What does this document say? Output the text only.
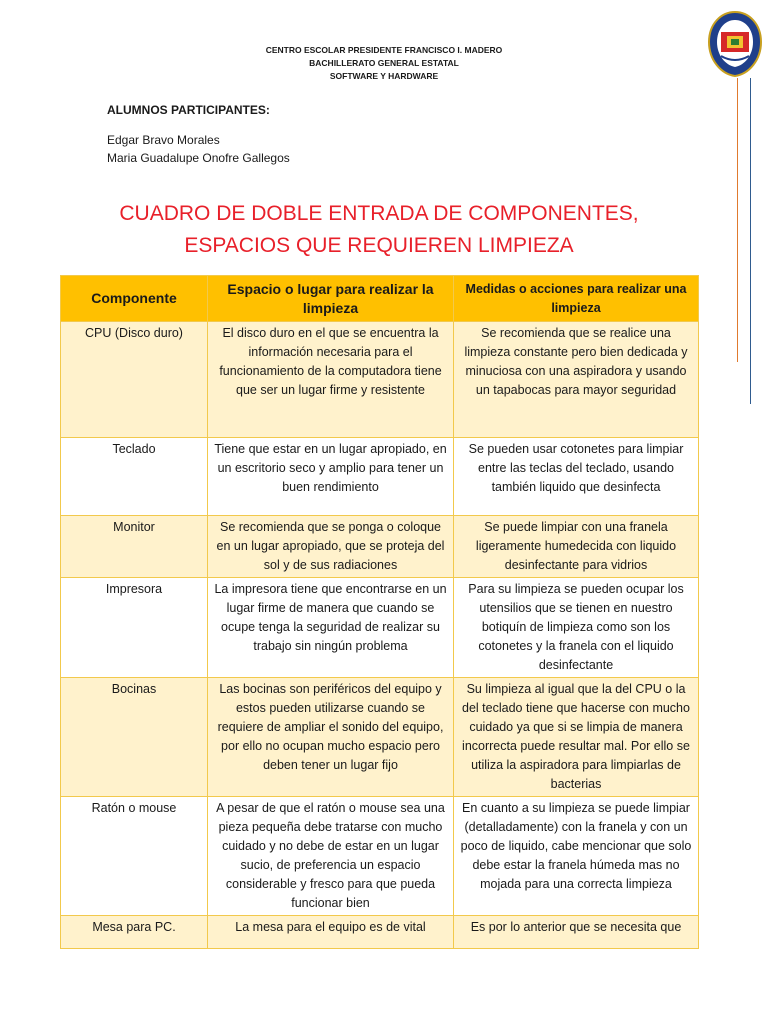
CENTRO ESCOLAR PRESIDENTE FRANCISCO I. MADERO
BACHILLERATO GENERAL ESTATAL
SOFTWARE Y HARDWARE
ALUMNOS PARTICIPANTES:
Edgar Bravo Morales
Maria Guadalupe Onofre Gallegos
CUADRO DE DOBLE ENTRADA DE COMPONENTES,
ESPACIOS QUE REQUIEREN LIMPIEZA
Componente	Espacio o lugar para realizar la limpieza	Medidas o acciones para realizar una limpieza
CPU (Disco duro)	El disco duro en el que se encuentra la información necesaria para el funcionamiento de la computadora tiene que ser un lugar firme y resistente	Se recomienda que se realice una limpieza constante pero bien dedicada y minuciosa con una aspiradora y usando un tapabocas para mayor seguridad
Teclado	Tiene que estar en un lugar apropiado, en un escritorio seco y amplio para tener un buen rendimiento	Se pueden usar cotonetes para limpiar entre las teclas del teclado, usando también liquido que desinfecta
Monitor	Se recomienda que se ponga o coloque en un lugar apropiado, que se proteja del sol y de sus radiaciones	Se puede limpiar con una franela ligeramente humedecida con liquido desinfectante para vidrios
Impresora	La impresora tiene que encontrarse en un lugar firme de manera que cuando se ocupe tenga la seguridad de realizar su trabajo sin ningún problema	Para su limpieza se pueden ocupar los utensilios que se tienen en nuestro botiquín de limpieza como son los cotonetes y la franela con el liquido desinfectante
Bocinas	Las bocinas son periféricos del equipo y estos pueden utilizarse cuando se requiere de ampliar el sonido del equipo, por ello no ocupan mucho espacio pero deben tener un lugar fijo	Su limpieza al igual que la del CPU o la del teclado tiene que hacerse con mucho cuidado ya que si se limpia de manera incorrecta puede resultar mal. Por ello se utiliza la aspiradora para limpiarlas de bacterias
Ratón o mouse	A pesar de que el ratón o mouse sea una pieza pequeña debe tratarse con mucho cuidado y no debe de estar en un lugar sucio, de preferencia un espacio considerable y fresco para que pueda funcionar bien	En cuanto a su limpieza se puede limpiar (detalladamente) con la franela y con un poco de liquido, cabe mencionar que solo debe estar la franela húmeda mas no mojada para una correcta limpieza
Mesa para PC.	La mesa para el equipo es de vital	Es por lo anterior que se necesita que
